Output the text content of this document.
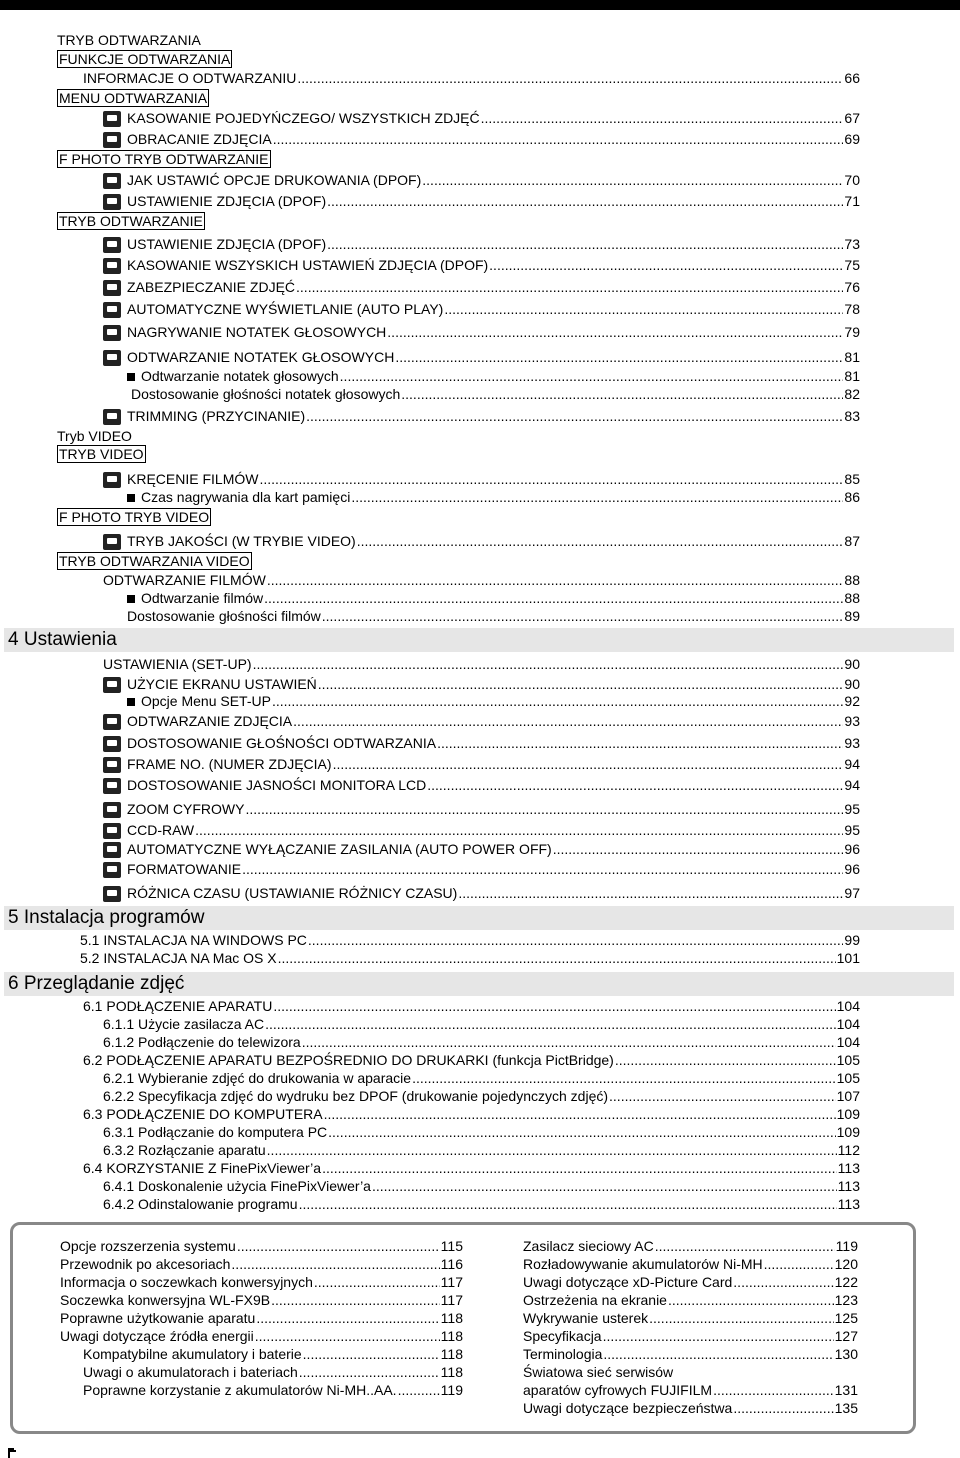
TRYB ODTWARZANIA
FUNKCJE ODTWARZANIA
INFORMACJE O ODTWARZANIU .....	66
MENU ODTWARZANIA
KASOWANIE POJEDYŃCZEGO/ WSZYSTKICH ZDJĘĆ .....	67
OBRACANIE ZDJĘCIA .....	69
F PHOTO TRYB ODTWARZANIE
JAK USTAWIĆ OPCJE DRUKOWANIA (DPOF) .....	70
USTAWIENIE ZDJĘCIA (DPOF) .....	71
TRYB ODTWARZANIE
USTAWIENIE ZDJĘCIA (DPOF) .....	73
KASOWANIE WSZYSKICH USTAWIEŃ ZDJĘCIA (DPOF) .....	75
ZABEZPIECZANIE ZDJĘĆ .....	76
AUTOMATYCZNE WYŚWIETLANIE (AUTO PLAY) .....	78
NAGRYWANIE NOTATEK GŁOSOWYCH .....	79
ODTWARZANIE NOTATEK GŁOSOWYCH .....	81
Odtwarzanie notatek głosowych .....	81
Dostosowanie głośności notatek głosowych .....	82
TRIMMING (PRZYCINANIE) .....	83
Tryb VIDEO
TRYB VIDEO
KRĘCENIE FILMÓW .....	85
Czas nagrywania dla kart pamięci .....	86
F PHOTO TRYB VIDEO
TRYB JAKOŚCI (W TRYBIE VIDEO) .....	87
TRYB ODTWARZANIA VIDEO
ODTWARZANIE FILMÓW .....	88
Odtwarzanie filmów .....	88
Dostosowanie głośności filmów .....	89
4 Ustawienia
USTAWIENIA (SET-UP) .....	90
UŻYCIE EKRANU USTAWIEŃ .....	90
Opcje Menu SET-UP .....	92
ODTWARZANIE ZDJĘCIA .....	93
DOSTOSOWANIE GŁOŚNOŚCI ODTWARZANIA .....	93
FRAME NO. (NUMER ZDJĘCIA) .....	94
DOSTOSOWANIE JASNOŚCI MONITORA LCD .....	94
ZOOM CYFROWY .....	95
CCD-RAW .....	95
AUTOMATYCZNE WYŁĄCZANIE ZASILANIA (AUTO POWER OFF) .....	96
FORMATOWANIE .....	96
RÓŻNICA CZASU (USTAWIANIE RÓŻNICY CZASU) .....	97
5 Instalacja programów
5.1 INSTALACJA NA WINDOWS PC .....	99
5.2 INSTALACJA NA Mac OS X .....	101
6 Przeglądanie zdjęć
6.1 PODŁĄCZENIE APARATU .....	104
6.1.1 Użycie zasilacza AC .....	104
6.1.2 Podłączenie do telewizora .....	104
6.2 PODŁĄCZENIE APARATU BEZPOŚREDNIO DO DRUKARKI (funkcja PictBridge) .....	105
6.2.1 Wybieranie zdjęć do drukowania w aparacie .....	105
6.2.2 Specyfikacja zdjęć do wydruku bez DPOF (drukowanie pojedynczych zdjęć) .....	107
6.3 PODŁĄCZENIE DO KOMPUTERA .....	109
6.3.1 Podłączanie do komputera PC .....	109
6.3.2 Rozłączanie aparatu .....	112
6.4 KORZYSTANIE Z FinePixViewer’a .....	113
6.4.1 Doskonalenie użycia FinePixViewer’a .....	113
6.4.2 Odinstalowanie programu .....	113
Opcje rozszerzenia systemu .....	115
Przewodnik po akcesoriach .....	116
Informacja o soczewkach konwersyjnych .....	117
Soczewka konwersyjna WL-FX9B .....	117
Poprawne użytkowanie aparatu .....	118
Uwagi dotyczące źródła energii .....	118
Kompatybilne akumulatory i baterie .....	118
Uwagi o akumulatorach i bateriach .....	118
Poprawne korzystanie z akumulatorów Ni-MH..AA. .....	119
Zasilacz sieciowy AC .....	119
Rozładowywanie akumulatorów Ni-MH .....	120
Uwagi dotyczące xD-Picture Card .....	122
Ostrzeżenia na ekranie .....	123
Wykrywanie usterek .....	125
Specyfikacja .....	127
Terminologia .....	130
Światowa sieć serwisów
aparatów cyfrowych FUJIFILM .....	131
Uwagi dotyczące bezpieczeństwa .....	135
